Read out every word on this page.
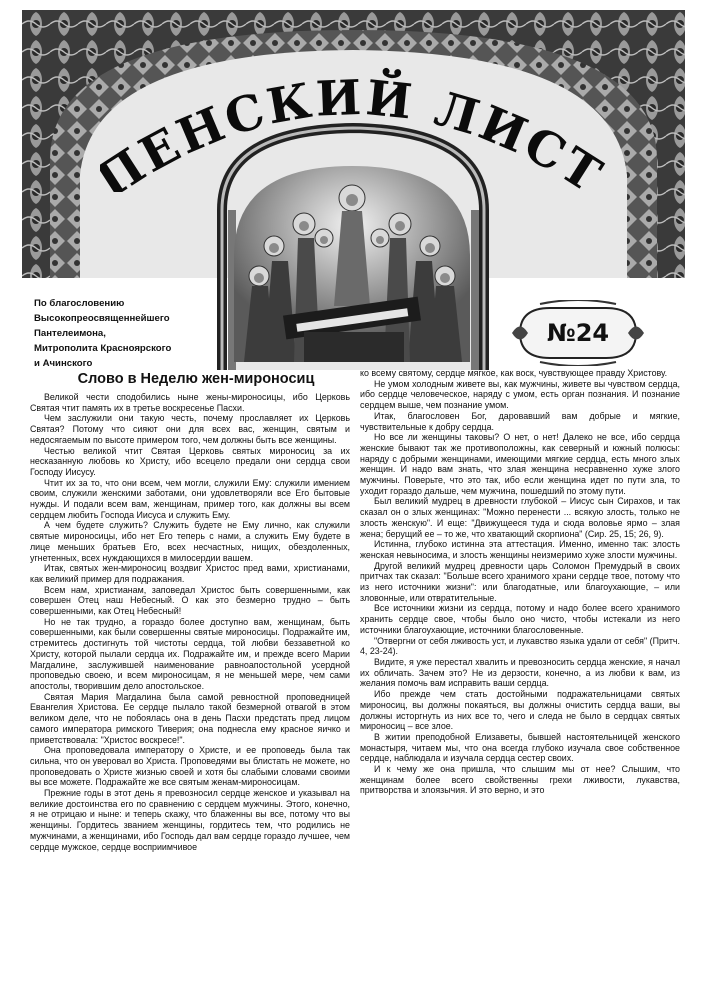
ЕНСКИЙ ЛИСТ
По благословению
Высокопреосвященнейшего
Пантелеимона,
Митрополита Красноярского
и Ачинского
№24
Слово в Неделю жен-мироносиц

Великой чести сподобились ныне жены-мироносицы, ибо Церковь Святая чтит память их в третье воскресенье Пасхи.

Чем заслужили они такую честь, почему прославляет их Церковь Святая? Потому что сияют они для всех вас, женщин, святым и недосягаемым по высоте примером того, чем должны быть все женщины.

Честью великой чтит Святая Церковь святых мироносиц за их несказанную любовь ко Христу, ибо всецело предали они сердца свои Господу Иисусу.

Чтит их за то, что они всем, чем могли, служили Ему: служили имением своим, служили женскими заботами, они удовлетворяли все Его бытовые нужды. И подали всем вам, женщинам, пример того, как должны вы всем сердцем любить Господа Иисуса и служить Ему.

А чем будете служить? Служить будете не Ему лично, как служили святые мироносицы, ибо нет Его теперь с нами, а служить Ему будете в лице меньших братьев Его, всех несчастных, нищих, обездоленных, угнетенных, всех нуждающихся в милосердии вашем.

Итак, святых жен-мироносиц воздвиг Христос пред вами, христианами, как великий пример для подражания.

Всем нам, христианам, заповедал Христос быть совершенными, как совершен Отец наш Небесный. О как это безмерно трудно – быть совершенными, как Отец Небесный!

Но не так трудно, а гораздо более доступно вам, женщинам, быть совершенными, как были совершенны святые мироносицы. Подражайте им, стремитесь достигнуть той чистоты сердца, той любви беззаветной ко Христу, которой пылали сердца их. Подражайте им, и прежде всего Марии Магдалине, заслужившей наименование равноапостольной усердной проповедью своею, и всем мироносицам, я не меньшей мере, чем сами апостолы, творившим дело апостольское.

Святая Мария Магдалина была самой ревностной проповедницей Евангелия Христова. Ее сердце пылало такой безмерной отвагой в этом великом деле, что не побоялась она в день Пасхи предстать пред лицом самого императора римского Тиверия; она поднесла ему красное яичко и приветствовала: "Христос воскресе!".

Она проповедовала императору о Христе, и ее проповедь была так сильна, что он уверовал во Христа. Проповедями вы блистать не можете, но проповедовать о Христе жизнью своей и хотя бы слабыми словами своими вы все можете. Подражайте же все святым женам-мироносицам.

Прежние годы в этот день я превозносил сердце женское и указывал на великие достоинства его по сравнению с сердцем мужчины. Этого, конечно, я не отрицаю и ныне: и теперь скажу, что блаженны вы все, потому что вы женщины. Гордитесь званием женщины, гордитесь тем, что родились не мужчинами, а женщинами, ибо Господь дал вам сердце гораздо лучшее, чем сердце мужское, сердце восприимчивое

ко всему святому, сердце мягкое, как воск, чувствующее правду Христову.

Не умом холодным живете вы, как мужчины, живете вы чувством сердца, ибо сердце человеческое, наряду с умом, есть орган познания. И познание сердцем выше, чем познание умом.

Итак, благословен Бог, даровавший вам добрые и мягкие, чувствительные к добру сердца.

Но все ли женщины таковы? О нет, о нет! Далеко не все, ибо сердца женские бывают так же противоположны, как северный и южный полюсы: наряду с добрыми женщинами, имеющими мягкие сердца, есть много злых женщин. И надо вам знать, что злая женщина несравненно хуже злого мужчины. Поверьте, что это так, ибо если женщина идет по пути зла, то уходит гораздо дальше, чем мужчина, пошедший по этому пути.

Был великий мудрец в древности глубокой – Иисус сын Сирахов, и так сказал он о злых женщинах: "Можно перенести ... всякую злость, только не злость женскую". И еще: "Движущееся туда и сюда воловье ярмо – злая жена; берущий ее – то же, что хватающий скорпиона" (Сир. 25, 15; 26, 9).

Истинна, глубоко истинна эта аттестация. Именно, именно так: злость женская невыносима, и злость женщины неизмеримо хуже злости мужчины.

Другой великий мудрец древности царь Соломон Премудрый в своих притчах так сказал: "Больше всего хранимого храни сердце твое, потому что из него источники жизни": или благодатные, или благоухающие, – или зловонные, или отвратительные.

Все источники жизни из сердца, потому и надо более всего хранимого хранить сердце свое, чтобы было оно чисто, чтобы истекали из него источники благоухающие, источники благословенные.

"Отвергни от себя лживость уст, и лукавство языка удали от себя" (Притч. 4, 23-24).

Видите, я уже перестал хвалить и превозносить сердца женские, я начал их обличать. Зачем это? Не из дерзости, конечно, а из любви к вам, из желания помочь вам исправить ваши сердца.

Ибо прежде чем стать достойными подражательницами святых мироносиц, вы должны покаяться, вы должны очистить сердца ваши, вы должны исторгнуть из них все то, чего и следа не было в сердцах святых мироносиц – все злое.

В житии преподобной Елизаветы, бывшей настоятельницей женского монастыря, читаем мы, что она всегда глубоко изучала свое собственное сердце, наблюдала и изучала сердца сестер своих.

И к чему же она пришла, что слышим мы от нее? Слышим, что женщинам более всего свойственны грехи лживости, лукавства, притворства и злоязычия. И это верно, и это
